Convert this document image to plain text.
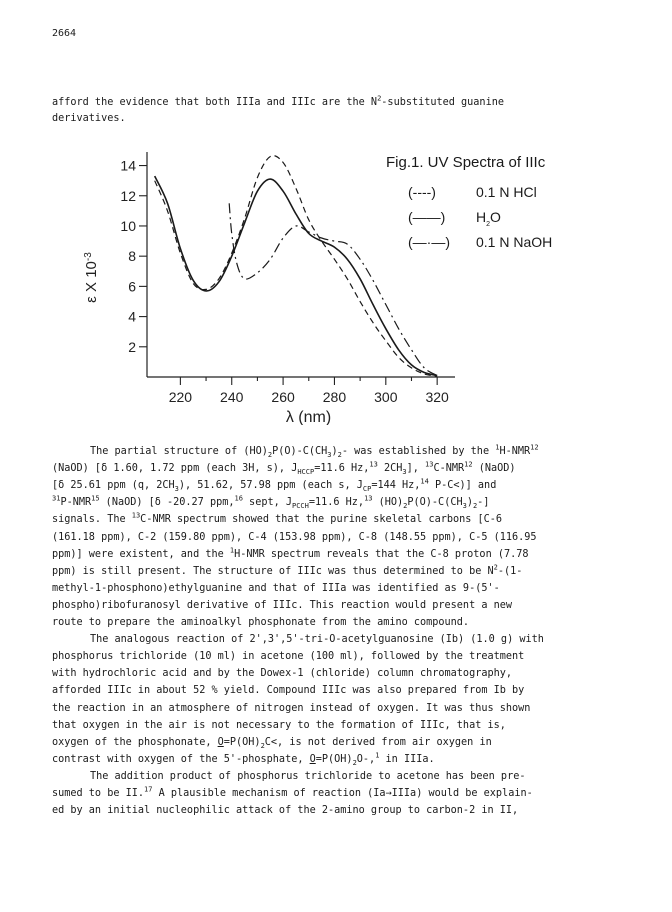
2664
afford the evidence that both IIIa and IIIc are the $N^2$-substituted guanine
derivatives.
14
12
10
8
6
4
2
220 240 260 280 300 320
λ (nm)
ε X $10^{-3}$
Fig.1. UV Spectra of IIIc
(----)	0.1 N HCl
(——) $H_2O$
(—·—) 0.1 N NaOH
The partial structure of $(HO)_2P(O)-C(CH_3)_2-$ was established by the $^1$H-NMR$^{12}$
(NaOD) [δ 1.60, 1.72 ppm (each 3H, s), $J_{HCCP}=11.6$ Hz,$^{13}$ $2CH_3$], $^{13}$C-NMR$^{12}$ (NaOD)
[δ 25.61 ppm (q, $2CH_3$), 51.62, 57.98 ppm (each s, $J_{CP}=144$ Hz,$^{14}$ P-C<)] and
$^{31}$P-NMR$^{15}$ (NaOD) [δ -20.27 ppm,$^{16}$ sept, $J_{PCCH}=11.6$ Hz,$^{13}$ $(HO)_2P(O)-C(CH_3)_2-$]
signals. The $^{13}$C-NMR spectrum showed that the purine skeletal carbons [C-6
(161.18 ppm), C-2 (159.80 ppm), C-4 (153.98 ppm), C-8 (148.55 ppm), C-5 (116.95
ppm)] were existent, and the $^1$H-NMR spectrum reveals that the C-8 proton (7.78
ppm) is still present. The structure of IIIc was thus determined to be $N^2-(1-$
methyl-1-phosphono)ethylguanine and that of IIIa was identified as 9-(5'-
phospho)ribofuranosyl derivative of IIIc. This reaction would present a new
route to prepare the aminoalkyl phosphonate from the amino compound.
The analogous reaction of 2',3',5'-tri-O-acetylguanosine (Ib) (1.0 g) with
phosphorus trichloride (10 ml) in acetone (100 ml), followed by the treatment
with hydrochloric acid and by the Dowex-1 (chloride) column chromatography,
afforded IIIc in about 52 % yield. Compound IIIc was also prepared from Ib by
the reaction in an atmosphere of nitrogen instead of oxygen. It was thus shown
that oxygen in the air is not necessary to the formation of IIIc, that is,
oxygen of the phosphonate, $O=P(OH)_2C<$, is not derived from air oxygen in
contrast with oxygen of the 5'-phosphate, $O=P(OH)_2O-,^1$ in IIIa.
The addition product of phosphorus trichloride to acetone has been pre-
sumed to be II.$^{17}$ A plausible mechanism of reaction (Ia→IIIa) would be explain-
ed by an initial nucleophilic attack of the 2-amino group to carbon-2 in II,
